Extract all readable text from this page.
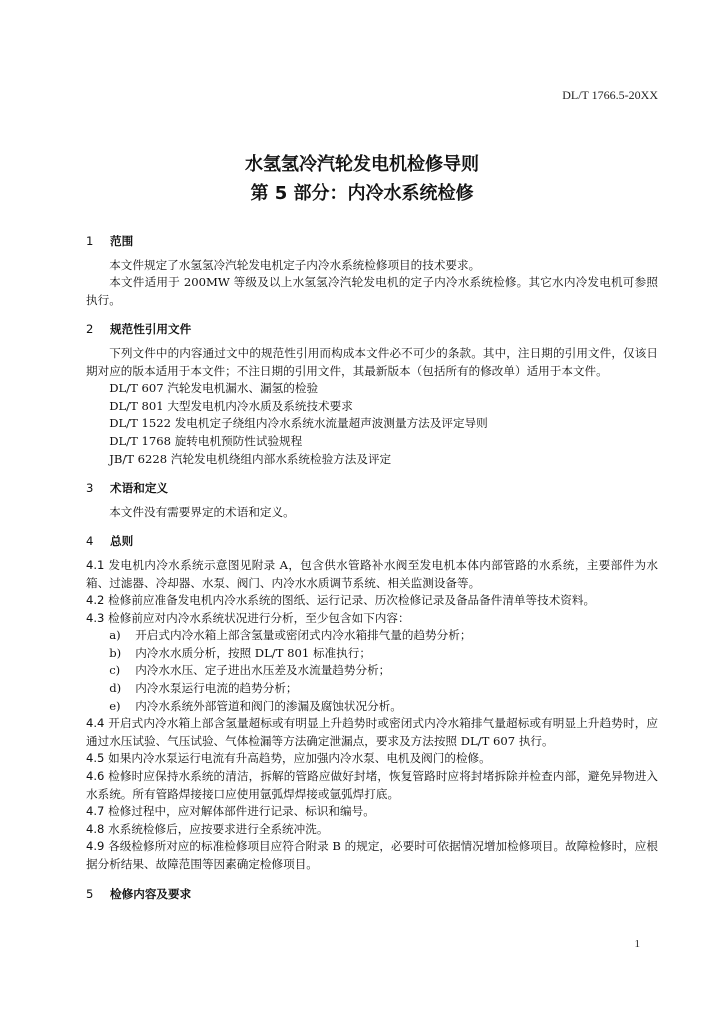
DL/T 1766.5-20XX
水氢氢冷汽轮发电机检修导则
第 5 部分：内冷水系统检修
1 范围

本文件规定了水氢氢冷汽轮发电机定子内冷水系统检修项目的技术要求。

本文件适用于 200MW 等级及以上水氢氢冷汽轮发电机的定子内冷水系统检修。其它水内冷发电机可参照执行。

2 规范性引用文件

下列文件中的内容通过文中的规范性引用而构成本文件必不可少的条款。其中，注日期的引用文件，仅该日期对应的版本适用于本文件；不注日期的引用文件，其最新版本（包括所有的修改单）适用于本文件。

DL/T 607 汽轮发电机漏水、漏氢的检验

DL/T 801 大型发电机内冷水质及系统技术要求

DL/T 1522 发电机定子绕组内冷水系统水流量超声波测量方法及评定导则

DL/T 1768 旋转电机预防性试验规程

JB/T 6228 汽轮发电机绕组内部水系统检验方法及评定

3 术语和定义

本文件没有需要界定的术语和定义。

4 总则

4.1 发电机内冷水系统示意图见附录 A，包含供水管路补水阀至发电机本体内部管路的水系统，主要部件为水箱、过滤器、冷却器、水泵、阀门、内冷水水质调节系统、相关监测设备等。

4.2 检修前应准备发电机内冷水系统的图纸、运行记录、历次检修记录及备品备件清单等技术资料。

4.3 检修前应对内冷水系统状况进行分析，至少包含如下内容：

a) 开启式内冷水箱上部含氢量或密闭式内冷水箱排气量的趋势分析；

b) 内冷水水质分析，按照 DL/T 801 标准执行；

c) 内冷水水压、定子进出水压差及水流量趋势分析；

d) 内冷水泵运行电流的趋势分析；

e) 内冷水系统外部管道和阀门的渗漏及腐蚀状况分析。

4.4 开启式内冷水箱上部含氢量超标或有明显上升趋势时或密闭式内冷水箱排气量超标或有明显上升趋势时，应通过水压试验、气压试验、气体检漏等方法确定泄漏点，要求及方法按照 DL/T 607 执行。

4.5 如果内冷水泵运行电流有升高趋势，应加强内冷水泵、电机及阀门的检修。

4.6 检修时应保持水系统的清洁，拆解的管路应做好封堵，恢复管路时应将封堵拆除并检查内部，避免异物进入水系统。所有管路焊接接口应使用氩弧焊焊接或氩弧焊打底。

4.7 检修过程中，应对解体部件进行记录、标识和编号。

4.8 水系统检修后，应按要求进行全系统冲洗。

4.9 各级检修所对应的标准检修项目应符合附录 B 的规定，必要时可依据情况增加检修项目。故障检修时，应根据分析结果、故障范围等因素确定检修项目。

5 检修内容及要求
1
